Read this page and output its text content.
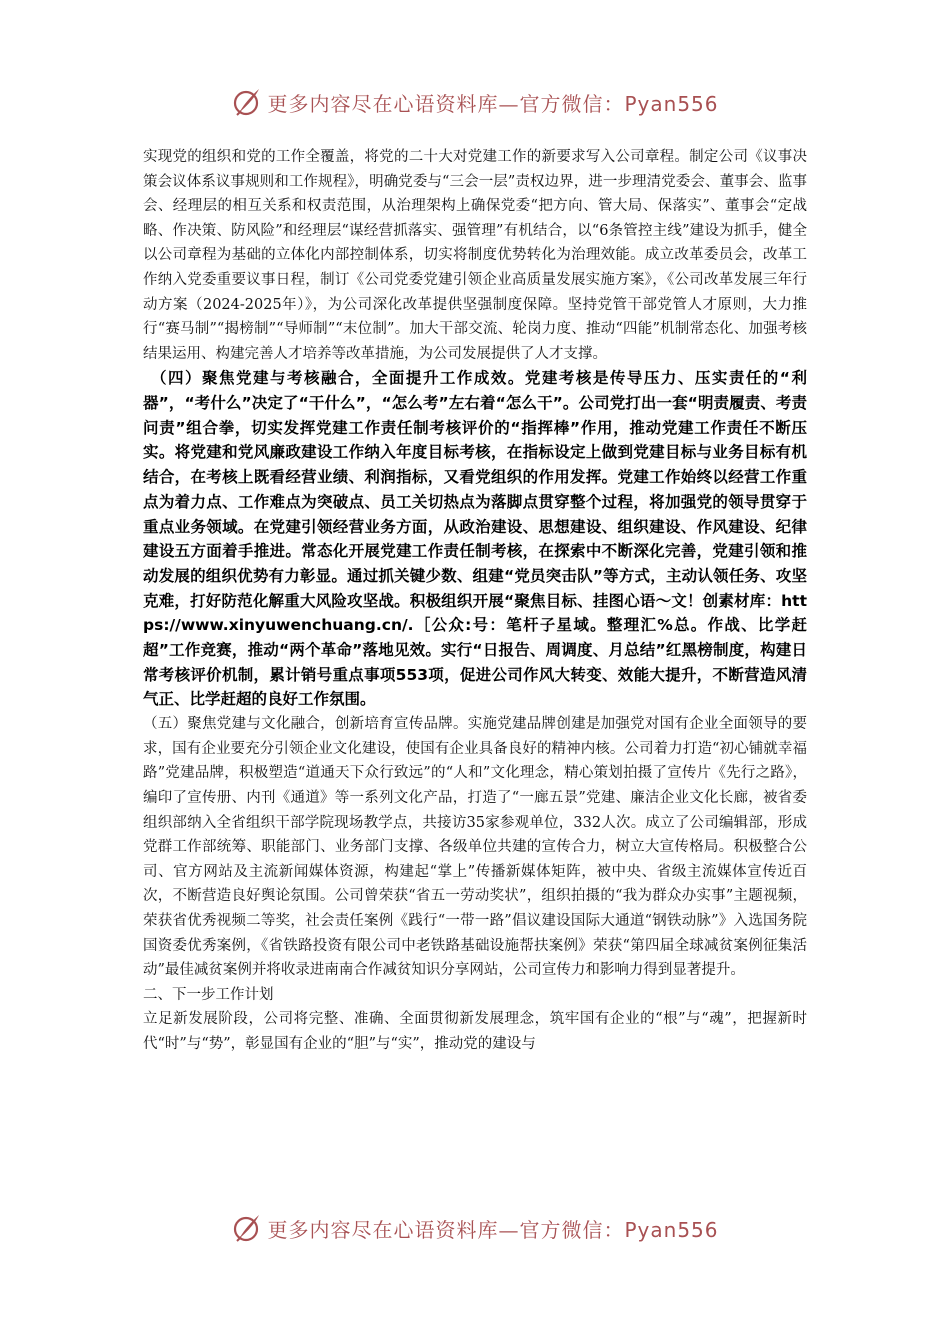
更多内容尽在心语资料库—官方微信：Pyan556

实现党的组织和党的工作全覆盖，将党的二十大对党建工作的新要求写入公司章程。制定公司《议事决策会议体系议事规则和工作规程》，明确党委与“三会一层”责权边界，进一步理清党委会、董事会、监事会、经理层的相互关系和权责范围，从治理架构上确保党委“把方向、管大局、保落实”、董事会“定战略、作决策、防风险”和经理层“谋经营抓落实、强管理”有机结合，以“6条管控主线”建设为抓手，健全以公司章程为基础的立体化内部控制体系，切实将制度优势转化为治理效能。成立改革委员会，改革工作纳入党委重要议事日程，制订《公司党委党建引领企业高质量发展实施方案》，《公司改革发展三年行动方案（2024-2025年）》，为公司深化改革提供坚强制度保障。坚持党管干部党管人才原则，大力推行“赛马制”“揭榜制”“导师制”“末位制”。加大干部交流、轮岗力度、推动“四能”机制常态化、加强考核结果运用、构建完善人才培养等改革措施，为公司发展提供了人才支撑。

（四）聚焦党建与考核融合，全面提升工作成效。党建考核是传导压力、压实责任的“利器”，“考什么”决定了“干什么”，“怎么考”左右着“怎么干”。公司党打出一套“明责履责、考责问责”组合拳，切实发挥党建工作责任制考核评价的“指挥棒”作用，推动党建工作责任不断压实。将党建和党风廉政建设工作纳入年度目标考核，在指标设定上做到党建目标与业务目标有机结合，在考核上既看经营业绩、利润指标，又看党组织的作用发挥。党建工作始终以经营工作重点为着力点、工作难点为突破点、员工关切热点为落脚点贯穿整个过程，将加强党的领导贯穿于重点业务领域。在党建引领经营业务方面，从政治建设、思想建设、组织建设、作风建设、纪律建设五方面着手推进。常态化开展党建工作责任制考核，在探索中不断深化完善，党建引领和推动发展的组织优势有力彰显。通过抓关键少数、组建“党员突击队”等方式，主动认领任务、攻坚克难，打好防范化解重大风险攻坚战。积极组织开展“聚焦目标、挂图心语～文！创素材库：https://www.xinyuwenchuang.cn/.［公众:号：笔杆子星域。整理汇%总。作战、比学赶超”工作竞赛，推动“两个革命”落地见效。实行“日报告、周调度、月总结”红黑榜制度，构建日常考核评价机制，累计销号重点事项553项，促进公司作风大转变、效能大提升，不断营造风清气正、比学赶超的良好工作氛围。

（五）聚焦党建与文化融合，创新培育宣传品牌。实施党建品牌创建是加强党对国有企业全面领导的要求，国有企业要充分引领企业文化建设，使国有企业具备良好的精神内核。公司着力打造“初心铺就幸福路”党建品牌，积极塑造“道通天下众行致远”的“人和”文化理念，精心策划拍摄了宣传片《先行之路》，编印了宣传册、内刊《通道》等一系列文化产品，打造了“一廊五景”党建、廉洁企业文化长廊，被省委组织部纳入全省组织干部学院现场教学点，共接访35家参观单位，332人次。成立了公司编辑部，形成党群工作部统筹、职能部门、业务部门支撑、各级单位共建的宣传合力，树立大宣传格局。积极整合公司、官方网站及主流新闻媒体资源，构建起“掌上”传播新媒体矩阵，被中央、省级主流媒体宣传近百次，不断营造良好舆论氛围。公司曾荣获“省五一劳动奖状”，组织拍摄的“我为群众办实事”主题视频，荣获省优秀视频二等奖，社会责任案例《践行“一带一路”倡议建设国际大通道“钢铁动脉”》入选国务院国资委优秀案例，《省铁路投资有限公司中老铁路基础设施帮扶案例》荣获“第四届全球减贫案例征集活动”最佳减贫案例并将收录进南南合作减贫知识分享网站，公司宣传力和影响力得到显著提升。

二、下一步工作计划

立足新发展阶段，公司将完整、准确、全面贯彻新发展理念，筑牢国有企业的“根”与“魂”，把握新时代“时”与“势”，彰显国有企业的“胆”与“实”，推动党的建设与

更多内容尽在心语资料库—官方微信：Pyan556
